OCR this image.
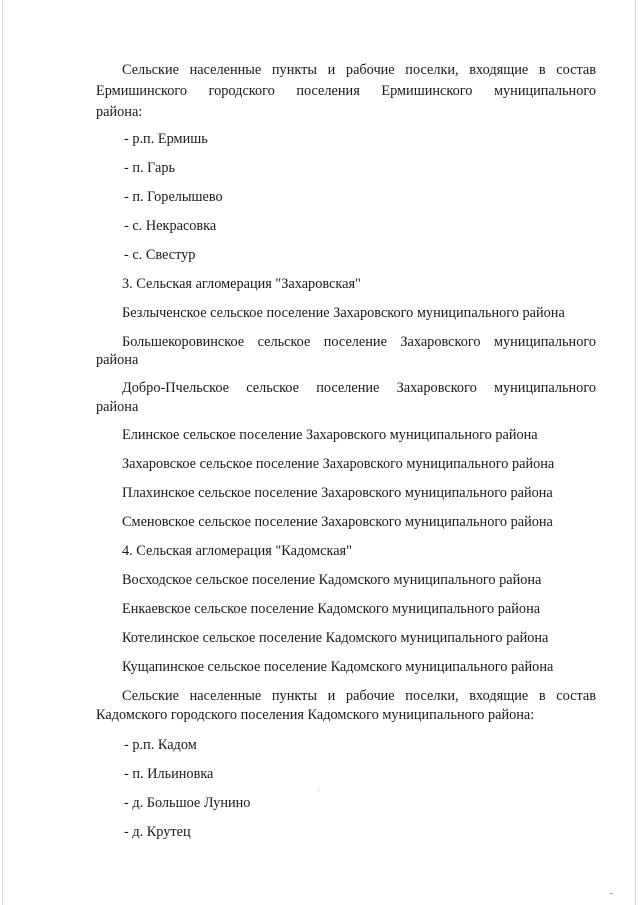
Сельские населенные пункты и рабочие поселки, входящие в состав
Ермишинского городского поселения Ермишинского муниципального
района:
- р.п. Ермишь
- п. Гарь
- п. Горелышево
- с. Некрасовка
- с. Свестур
3. Сельская агломерация "Захаровская"
Безлыченское сельское поселение Захаровского муниципального района
Большекоровинское сельское поселение Захаровского муниципального
района
Добро-Пчельское сельское поселение Захаровского муниципального
района
Елинское сельское поселение Захаровского муниципального района
Захаровское сельское поселение Захаровского муниципального района
Плахинское сельское поселение Захаровского муниципального района
Сменовское сельское поселение Захаровского муниципального района
4. Сельская агломерация "Кадомская"
Восходское сельское поселение Кадомского муниципального района
Енкаевское сельское поселение Кадомского муниципального района
Котелинское сельское поселение Кадомского муниципального района
Кущапинское сельское поселение Кадомского муниципального района
Сельские населенные пункты и рабочие поселки, входящие в состав
Кадомского городского поселения Кадомского муниципального района:
- р.п. Кадом
- п. Ильиновка
- д. Большое Лунино
- д. Крутец
